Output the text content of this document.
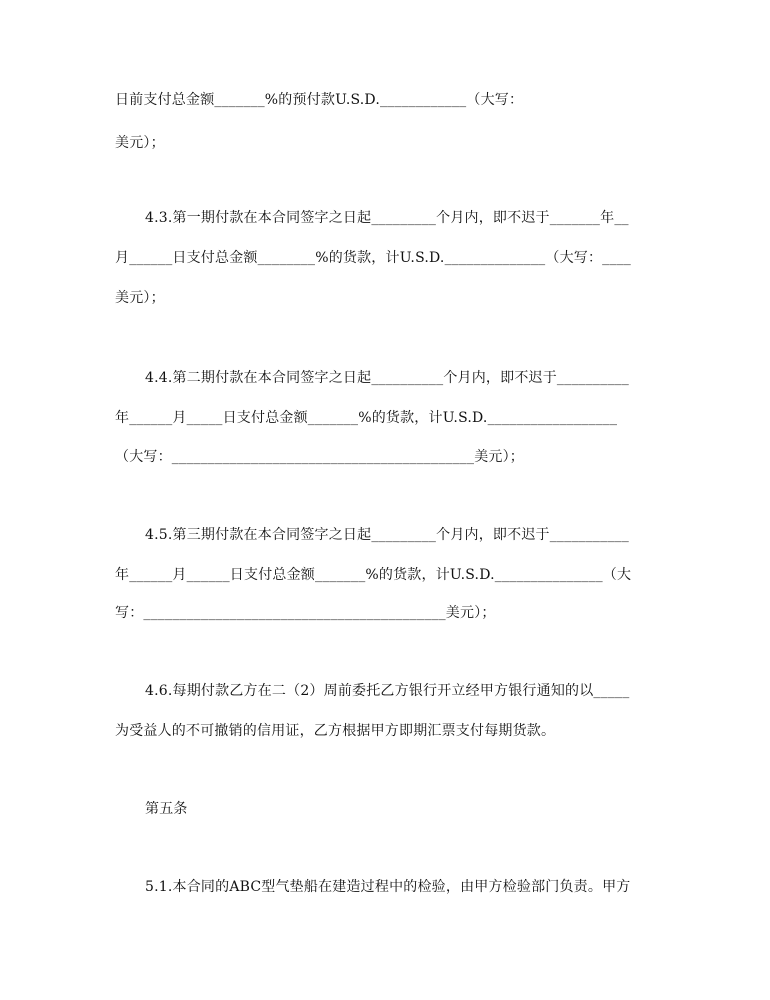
日前支付总金额_______%的预付款U.S.D.____________（大写：
美元）；
4.3.第一期付款在本合同签字之日起_________个月内，即不迟于_______年__
月______日支付总金额________%的货款，计U.S.D.______________（大写：____
美元）；
4.4.第二期付款在本合同签字之日起__________个月内，即不迟于__________
年______月_____日支付总金额_______%的货款，计U.S.D.__________________
（大写：__________________________________________美元）；
4.5.第三期付款在本合同签字之日起_________个月内，即不迟于___________
年______月______日支付总金额_______%的货款，计U.S.D._______________（大
写：__________________________________________美元）；
4.6.每期付款乙方在二（2）周前委托乙方银行开立经甲方银行通知的以_____
为受益人的不可撤销的信用证，乙方根据甲方即期汇票支付每期货款。
第五条
5.1.本合同的ABC型气垫船在建造过程中的检验，由甲方检验部门负责。甲方
